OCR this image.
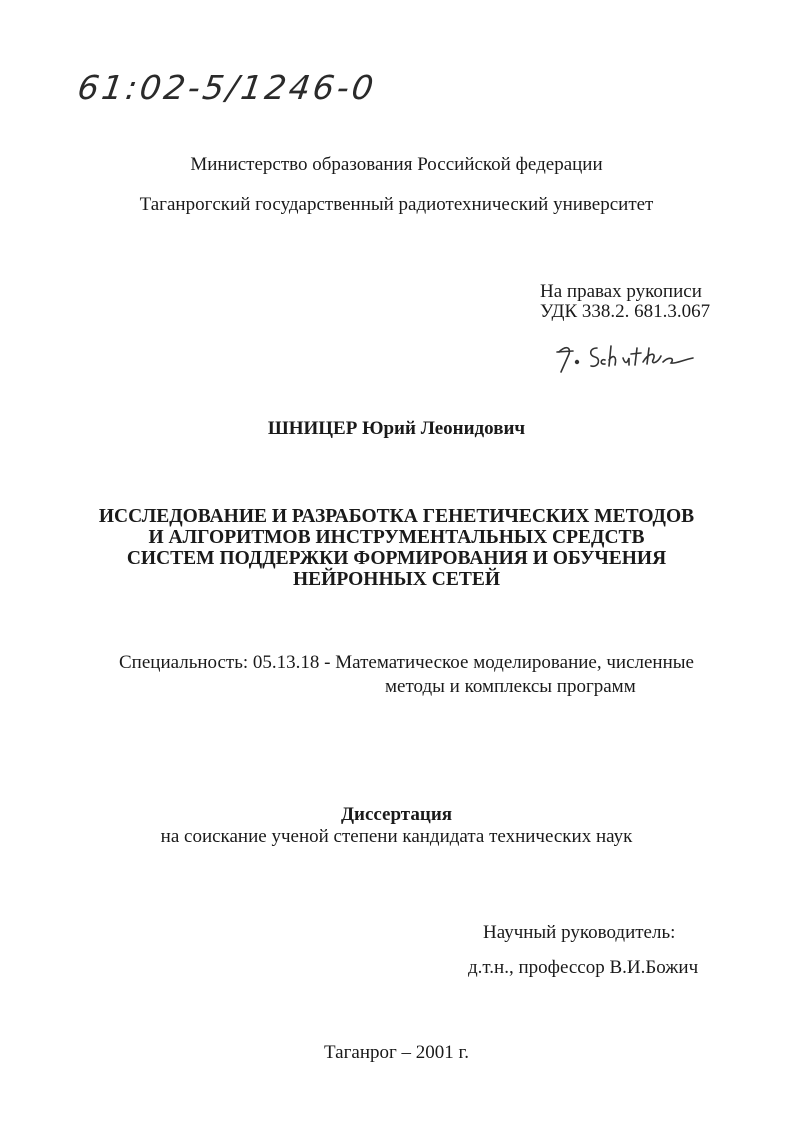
61:02-5/1246-0
Министерство образования Российской федерации
Таганрогский государственный радиотехнический университет
На правах рукописи
УДК 338.2. 681.3.067
ШНИЦЕР Юрий Леонидович
ИССЛЕДОВАНИЕ И РАЗРАБОТКА ГЕНЕТИЧЕСКИХ МЕТОДОВ
И АЛГОРИТМОВ ИНСТРУМЕНТАЛЬНЫХ СРЕДСТВ
СИСТЕМ ПОДДЕРЖКИ ФОРМИРОВАНИЯ И ОБУЧЕНИЯ
НЕЙРОННЫХ СЕТЕЙ
Специальность: 05.13.18 - Математическое моделирование, численные
методы и комплексы программ
Диссертация
на соискание ученой степени кандидата технических наук
Научный руководитель:
д.т.н., профессор В.И.Божич
Таганрог – 2001 г.
